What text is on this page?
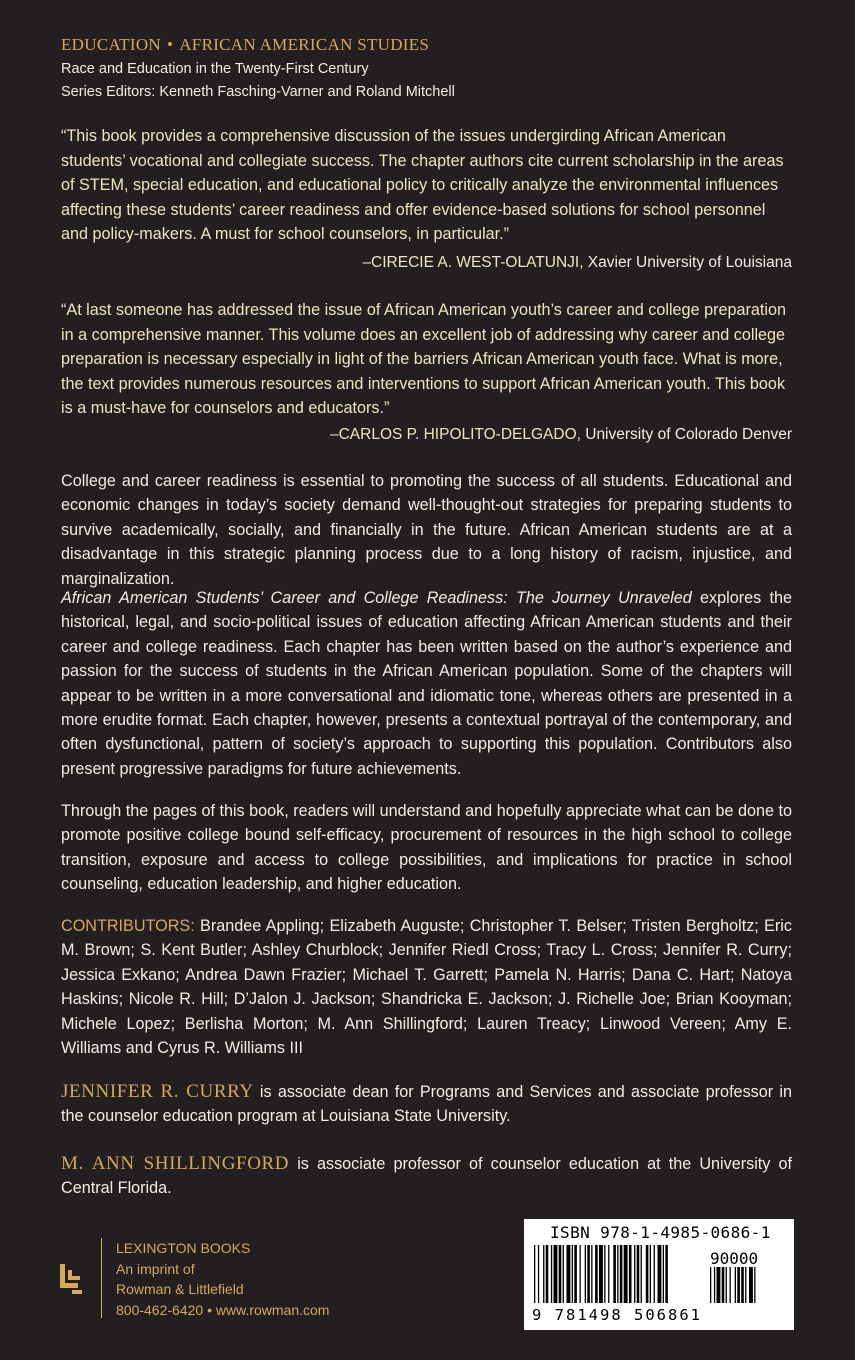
EDUCATION • AFRICAN AMERICAN STUDIES
Race and Education in the Twenty-First Century
Series Editors: Kenneth Fasching-Varner and Roland Mitchell
“This book provides a comprehensive discussion of the issues undergirding African American students’ vocational and collegiate success. The chapter authors cite current scholarship in the areas of STEM, special education, and educational policy to critically analyze the environmental influences affecting these students’ career readiness and offer evidence-based solutions for school personnel and policy-makers. A must for school counselors, in particular.”
–CIRECIE A. WEST-OLATUNJI, Xavier University of Louisiana
“At last someone has addressed the issue of African American youth’s career and college preparation in a comprehensive manner. This volume does an excellent job of addressing why career and college preparation is necessary especially in light of the barriers African American youth face. What is more, the text provides numerous resources and interventions to support African American youth. This book is a must-have for counselors and educators.”
–CARLOS P. HIPOLITO-DELGADO, University of Colorado Denver
College and career readiness is essential to promoting the success of all students. Educational and economic changes in today’s society demand well-thought-out strategies for preparing students to survive academically, socially, and financially in the future. African American students are at a disadvantage in this strategic planning process due to a long history of racism, injustice, and marginalization.
African American Students’ Career and College Readiness: The Journey Unraveled explores the historical, legal, and socio-political issues of education affecting African American students and their career and college readiness. Each chapter has been written based on the author’s experience and passion for the success of students in the African American population. Some of the chapters will appear to be written in a more conversational and idiomatic tone, whereas others are presented in a more erudite format. Each chapter, however, presents a contextual portrayal of the contemporary, and often dysfunctional, pattern of society’s approach to supporting this population. Contributors also present progressive paradigms for future achievements.
Through the pages of this book, readers will understand and hopefully appreciate what can be done to promote positive college bound self-efficacy, procurement of resources in the high school to college transition, exposure and access to college possibilities, and implications for practice in school counseling, education leadership, and higher education.
CONTRIBUTORS: Brandee Appling; Elizabeth Auguste; Christopher T. Belser; Tristen Bergholtz; Eric M. Brown; S. Kent Butler; Ashley Churblock; Jennifer Riedl Cross; Tracy L. Cross; Jennifer R. Curry; Jessica Exkano; Andrea Dawn Frazier; Michael T. Garrett; Pamela N. Harris; Dana C. Hart; Natoya Haskins; Nicole R. Hill; D’Jalon J. Jackson; Shandricka E. Jackson; J. Richelle Joe; Brian Kooyman; Michele Lopez; Berlisha Morton; M. Ann Shillingford; Lauren Treacy; Linwood Vereen; Amy E. Williams and Cyrus R. Williams III
JENNIFER R. CURRY is associate dean for Programs and Services and associate professor in the counselor education program at Louisiana State University.
M. ANN SHILLINGFORD is associate professor of counselor education at the University of Central Florida.
LEXINGTON BOOKS
An imprint of
Rowman & Littlefield
800-462-6420 • www.rowman.com
ISBN 978-1-4985-0686-1
90000
9 781498 506861
